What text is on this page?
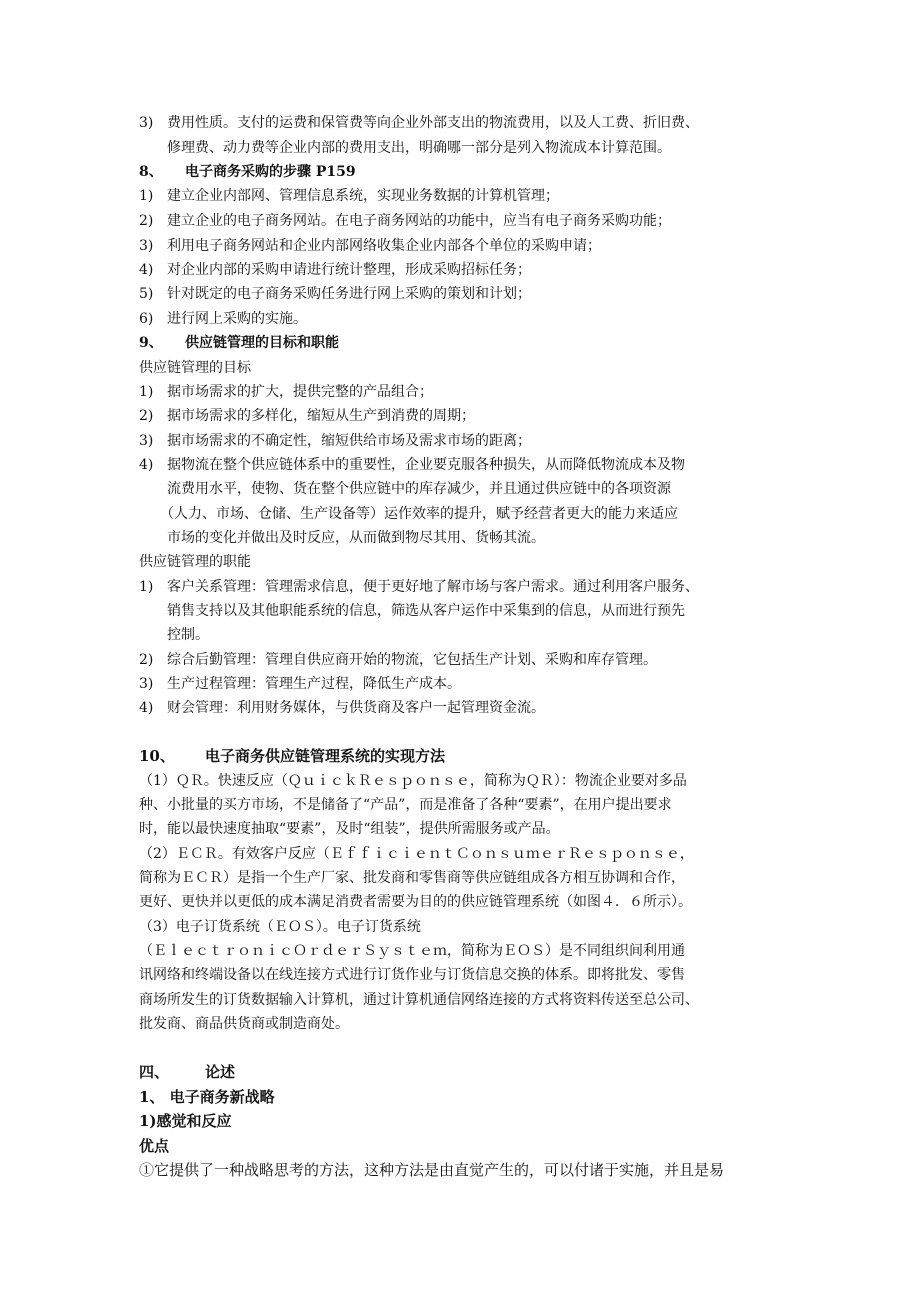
3) 费用性质。支付的运费和保管费等向企业外部支出的物流费用，以及人工费、折旧费、
修理费、动力费等企业内部的费用支出，明确哪一部分是列入物流成本计算范围。
8、 电子商务采购的步骤 P159
1) 建立企业内部网、管理信息系统，实现业务数据的计算机管理；
2) 建立企业的电子商务网站。在电子商务网站的功能中，应当有电子商务采购功能；
3) 利用电子商务网站和企业内部网络收集企业内部各个单位的采购申请；
4) 对企业内部的采购申请进行统计整理，形成采购招标任务；
5) 针对既定的电子商务采购任务进行网上采购的策划和计划；
6) 进行网上采购的实施。
9、 供应链管理的目标和职能
供应链管理的目标
1) 据市场需求的扩大，提供完整的产品组合；
2) 据市场需求的多样化，缩短从生产到消费的周期；
3) 据市场需求的不确定性，缩短供给市场及需求市场的距离；
4) 据物流在整个供应链体系中的重要性，企业要克服各种损失，从而降低物流成本及物
流费用水平，使物、货在整个供应链中的库存减少，并且通过供应链中的各项资源
（人力、市场、仓储、生产设备等）运作效率的提升，赋予经营者更大的能力来适应
市场的变化并做出及时反应，从而做到物尽其用、货畅其流。
供应链管理的职能
1) 客户关系管理：管理需求信息，便于更好地了解市场与客户需求。通过利用客户服务、
销售支持以及其他职能系统的信息，筛选从客户运作中采集到的信息，从而进行预先
控制。
2) 综合后勤管理：管理自供应商开始的物流，它包括生产计划、采购和库存管理。
3) 生产过程管理：管理生产过程，降低生产成本。
4) 财会管理：利用财务媒体，与供货商及客户一起管理资金流。
10、 电子商务供应链管理系统的实现方法
（1）ＱＲ。快速反应（ＱｕｉｃｋＲｅｓｐｏｎｓｅ，简称为ＱＲ）：物流企业要对多品
种、小批量的买方市场，不是储备了“产品”，而是准备了各种“要素”，在用户提出要求
时，能以最快速度抽取“要素”，及时“组装”，提供所需服务或产品。
（2）ＥＣＲ。有效客户反应（ＥｆｆｉｃｉｅｎｔＣｏｎｓｕｍｅｒＲｅｓｐｏｎｓｅ，
简称为ＥＣＲ）是指一个生产厂家、批发商和零售商等供应链组成各方相互协调和合作，
更好、更快并以更低的成本满足消费者需要为目的的供应链管理系统（如图４．６所示）。
（3）电子订货系统（ＥＯＳ）。电子订货系统
（ＥｌｅｃｔｒｏｎｉｃＯｒｄｅｒＳｙｓｔｅｍ，简称为ＥＯＳ）是不同组织间利用通
讯网络和终端设备以在线连接方式进行订货作业与订货信息交换的体系。即将批发、零售
商场所发生的订货数据输入计算机，通过计算机通信网络连接的方式将资料传送至总公司、
批发商、商品供货商或制造商处。
四、 论述
1、 电子商务新战略
1)感觉和反应
优点
①它提供了一种战略思考的方法，这种方法是由直觉产生的，可以付诸于实施，并且是易
